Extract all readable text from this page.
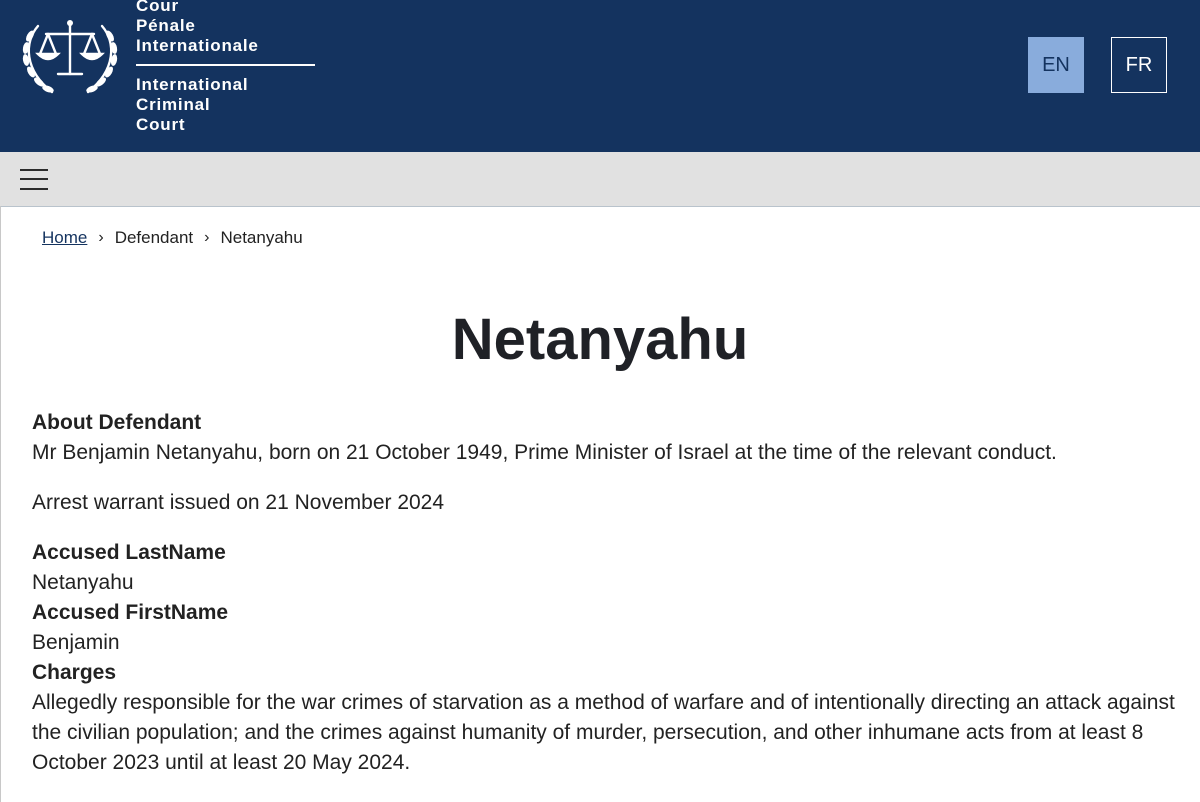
Cour
Pénale
Internationale
International
Criminal
Court
EN	FR
Home › Defendant › Netanyahu
Netanyahu
About Defendant
Mr Benjamin Netanyahu, born on 21 October 1949, Prime Minister of Israel at the time of the relevant conduct.
Arrest warrant issued on 21 November 2024
Accused LastName
Netanyahu
Accused FirstName
Benjamin
Charges
Allegedly responsible for the war crimes of starvation as a method of warfare and of intentionally directing an attack against the civilian population; and the crimes against humanity of murder, persecution, and other inhumane acts from at least 8 October 2023 until at least 20 May 2024.
